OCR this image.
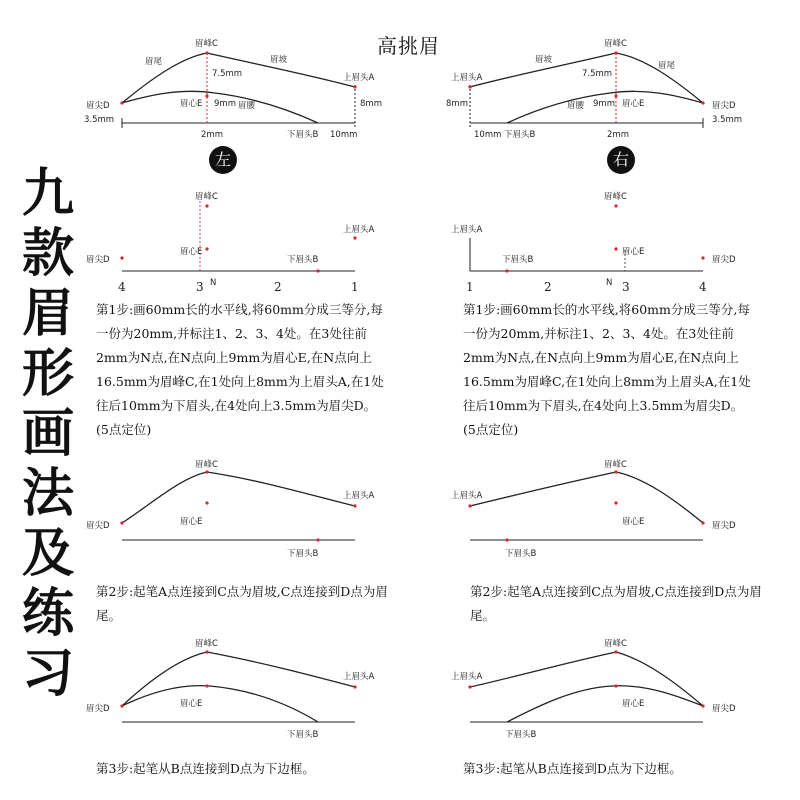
高挑眉
九款眉形画法及练习
左	右
眉峰C
眉尾	眉坡
上眉头A
眉尖D
3.5mm
7.5mm
眉心E 9mm 眉腰	8mm
2mm	下眉头B 10mm
眉峰C
上眉头A
眉心E
眉尖D	下眉头B
N
4	3	2	1
眉峰C
上眉头A
眉心E
眉尖D
下眉头B
眉峰C
上眉头A
眉心E
眉尖D
下眉头B
眉峰C
眉坡
眉尾
上眉头A	7.5mm
8mm	眉腰 9mm 眉心E	眉尖D
3.5mm
10mm 下眉头B	2mm
眉峰C
上眉头A
眉心E
眉尖D
下眉头B
N
1	2	3	4
眉峰C
上眉头A
眉心E	眉尖D
下眉头B
眉峰C
上眉头A
眉心E	眉尖D
下眉头B
第1步:画60mm长的水平线,将60mm分成三等分,每一份为20mm,并标注1、2、3、4处。在3处往前2mm为N点,在N点向上9mm为眉心E,在N点向上16.5mm为眉峰C,在1处向上8mm为上眉头A,在1处往后10mm为下眉头,在4处向上3.5mm为眉尖D。(5点定位)
第1步:画60mm长的水平线,将60mm分成三等分,每一份为20mm,并标注1、2、3、4处。在3处往前2mm为N点,在N点向上9mm为眉心E,在N点向上16.5mm为眉峰C,在1处向上8mm为上眉头A,在1处往后10mm为下眉头,在4处向上3.5mm为眉尖D。(5点定位)
第2步:起笔A点连接到C点为眉坡,C点连接到D点为眉尾。
第2步:起笔A点连接到C点为眉坡,C点连接到D点为眉尾。
第3步:起笔从B点连接到D点为下边框。	第3步:起笔从B点连接到D点为下边框。
